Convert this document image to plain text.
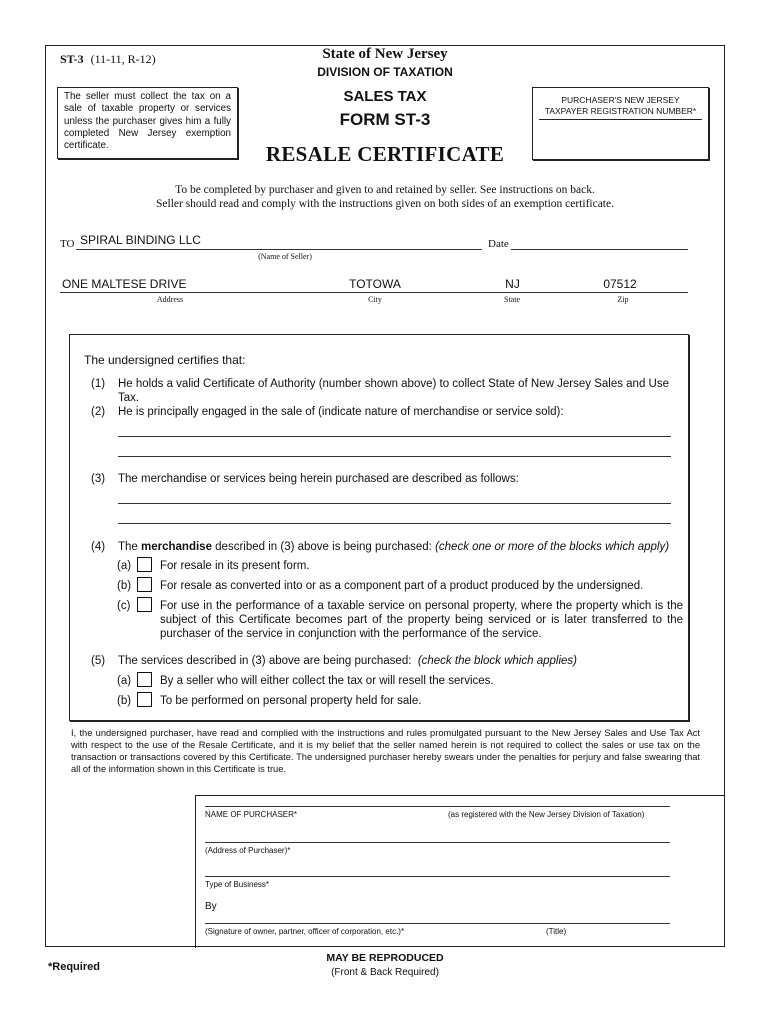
ST-3 (11-11, R-12)	State of New Jersey
DIVISION OF TAXATION
The seller must collect the tax on a sale of taxable property or services unless the purchaser gives him a fully completed New Jersey exemption certificate.
SALES TAX
FORM ST-3
RESALE CERTIFICATE
PURCHASER'S NEW JERSEY
TAXPAYER REGISTRATION NUMBER*
To be completed by purchaser and given to and retained by seller. See instructions on back.
Seller should read and comply with the instructions given on both sides of an exemption certificate.
TO SPIRAL BINDING LLC
(Name of Seller)
Date
ONE MALTESE DRIVE	TOTOWA	NJ	07512
Address	City	State	Zip
The undersigned certifies that:
(1) He holds a valid Certificate of Authority (number shown above) to collect State of New Jersey Sales and Use Tax.
(2) He is principally engaged in the sale of (indicate nature of merchandise or service sold):
(3) The merchandise or services being herein purchased are described as follows:
(4) The merchandise described in (3) above is being purchased: (check one or more of the blocks which apply)
(a)	For resale in its present form.
(b)	For resale as converted into or as a component part of a product produced by the undersigned.
(c)	For use in the performance of a taxable service on personal property, where the property which is the subject of this Certificate becomes part of the property being serviced or is later transferred to the purchaser of the service in conjunction with the performance of the service.
(5) The services described in (3) above are being purchased:  (check the block which applies)
(a)	By a seller who will either collect the tax or will resell the services.
(b)	To be performed on personal property held for sale.
I, the undersigned purchaser, have read and complied with the instructions and rules promulgated pursuant to the New Jersey Sales and Use Tax Act with respect to the use of the Resale Certificate, and it is my belief that the seller named herein is not required to collect the sales or use tax on the transaction or transactions covered by this Certificate. The undersigned purchaser hereby swears under the penalties for perjury and false swearing that all of the information shown in this Certificate is true.
NAME OF PURCHASER*	(as registered with the New Jersey Division of Taxation)
(Address of Purchaser)*
Type of Business*
By
(Signature of owner, partner, officer of corporation, etc.)*	(Title)
*Required
MAY BE REPRODUCED
(Front & Back Required)
